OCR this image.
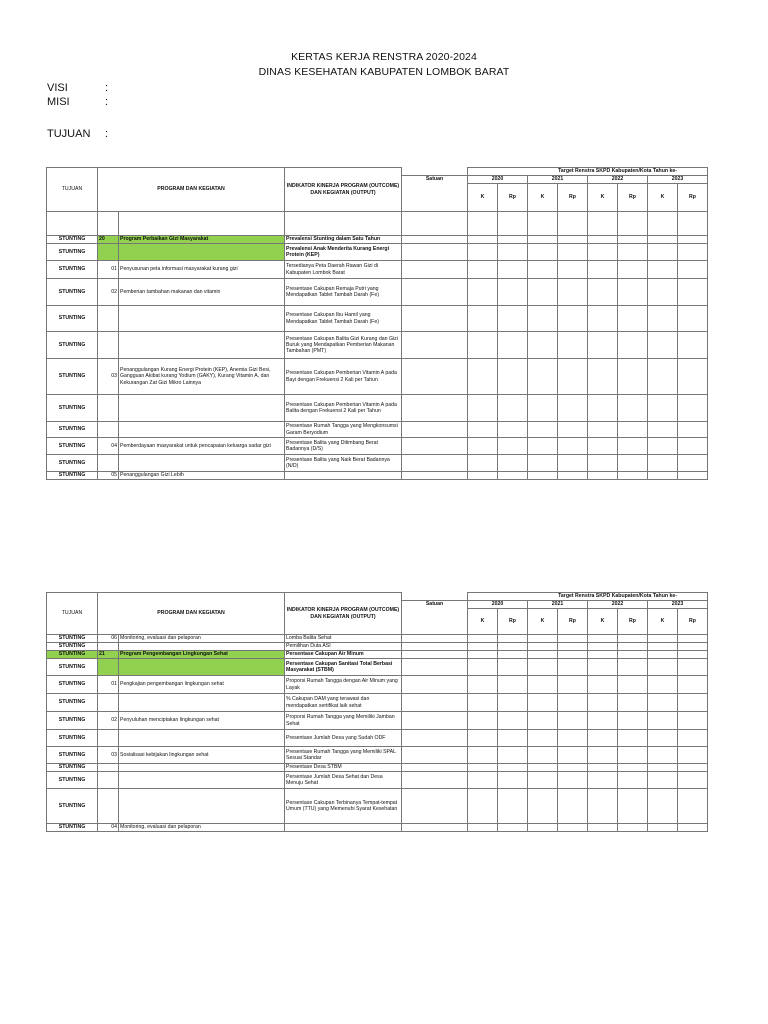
KERTAS KERJA RENSTRA 2020-2024
DINAS KESEHATAN KABUPATEN LOMBOK BARAT
VISI	:
MISI	:
TUJUAN :
TUJUAN	PROGRAM DAN KEGIATAN		INDIKATOR KINERJA PROGRAM (OUTCOME) DAN KEGIATAN (OUTPUT)		Target Renstra SKPD Kabupaten/Kota Tahun ke-							
				Satuan	2020		2021		2022		2023	
					K	Rp	K	Rp	K	Rp	K	Rp

STUNTING	20	Program Perbaikan Gizi Masyarakat	Prevalensi Stunting dalam Satu Tahun									
STUNTING			Prevalensi Anak Menderita Kurang Energi Protein (KEP)									
STUNTING	01	Penyusunan peta informasi masyarakat kurang gizi	Tersedianya Peta Daerah Rawan Gizi di Kabupaten Lombok Barat									
STUNTING	02	Pemberian tambahan makanan dan vitamin	Presentase Cakupan Remaja Putri yang Mendapatkan Tablet Tambah Darah (Fe)									
STUNTING			Presentase Cakupan Ibu Hamil yang Mendapatkan Tablet Tambah Darah (Fe)									
STUNTING			Presentase Cakupan Balita Gizi Kurang dan Gizi Buruk yang Mendapatkan Pemberian Makanan Tambahan (PMT)									
STUNTING	03	Penanggulangan Kurang Energi Protein (KEP), Anemia Gizi Besi, Gangguan Akibat kurang Yodium (GAKY), Kurang Vitamin A, dan Kekurangan Zat Gizi Mikro Lainnya	Presentase Cakupan Pemberian Vitamin A pada Bayi dengan Frekuensi 2 Kali per Tahun									
STUNTING			Presentase Cakupan Pemberian Vitamin A pada Balita dengan Frekuensi 2 Kali per Tahun									
STUNTING			Presentase Rumah Tangga yang Mengkonsumsi Garam Beryodium									
STUNTING	04	Pemberdayaan masyarakat untuk pencapaian keluarga sadar gizi	Presentase Balita yang Ditimbang Berat Badannya (D/S)									
STUNTING			Presentase Balita yang Naik Berat Badannya (N/D)									
STUNTING	05	Penanggulangan Gizi Lebih										
TUJUAN	PROGRAM DAN KEGIATAN		INDIKATOR KINERJA PROGRAM (OUTCOME) DAN KEGIATAN (OUTPUT)		Target Renstra SKPD Kabupaten/Kota Tahun ke-							
				Satuan	2020		2021		2022		2023	
					K	Rp	K	Rp	K	Rp	K	Rp
STUNTING	06	Monitoring, evaluasi dan pelaporan	Lomba Balita Sehat									
STUNTING			Pemilihan Duta ASI									
STUNTING	21	Program Pengembangan Lingkungan Sehat	Persentase Cakupan Air Minum									
STUNTING			Persentase Cakupan Sanitasi Total Berbasi Masyarakat (STBM)									
STUNTING	01	Pengkajian pengembangan lingkungan sehat	Proporsi Rumah Tangga dengan Air Minum yang Layak									
STUNTING			% Cakupan DAM yang terawasi dan mendapatkan sertifikat laik sehat									
STUNTING	02	Penyuluhan menciptakan lingkungan sehat	Proporsi Rumah Tangga yang Memiliki Jamban Sehat									
STUNTING			Presentase Jumlah Desa yang Sudah ODF									
STUNTING	03	Sosialisasi kebijakan lingkungan sehat	Presentase Rumah Tangga yang Memiliki SPAL Sesuai Standar									
STUNTING			Presentase Desa STBM									
STUNTING			Persentase Jumlah Desa Sehat dan Desa Menuju Sehat									
STUNTING			Persentase Cakupan Terbinanya Tempat-tempat Umum (TTU) yang Memenuhi Syarat Kesehatan									
STUNTING	04	Monitoring, evaluasi dan pelaporan										
